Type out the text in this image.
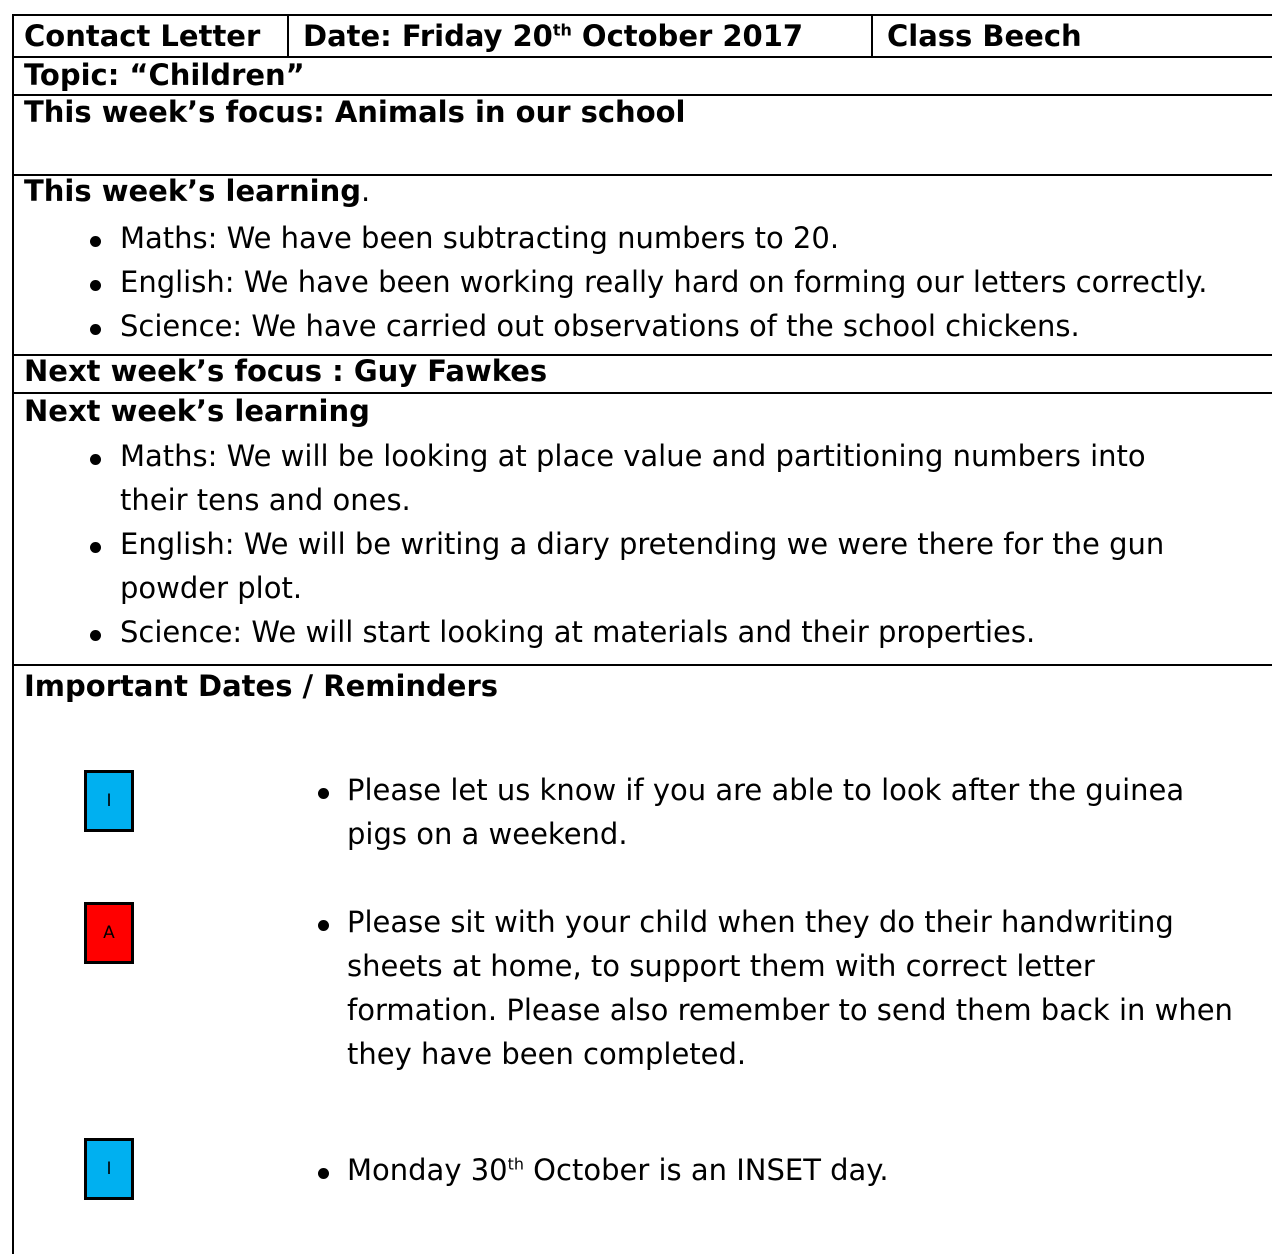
Contact Letter Date: Friday 20th October 2017	Class Beech
Topic: “Children”
This week’s focus: Animals in our school
This week’s learning.
Maths: We have been subtracting numbers to 20.
English: We have been working really hard on forming our letters correctly.
Science: We have carried out observations of the school chickens.
Next week’s focus : Guy Fawkes
Next week’s learning
Maths: We will be looking at place value and partitioning numbers into
their tens and ones.
English: We will be writing a diary pretending we were there for the gun
powder plot.
Science: We will start looking at materials and their properties.
Important Dates / Reminders
I	Please let us know if you are able to look after the guinea
pigs on a weekend.
A	Please sit with your child when they do their handwriting
sheets at home, to support them with correct letter
formation. Please also remember to send them back in when
they have been completed.
I	Monday 30th October is an INSET day.
